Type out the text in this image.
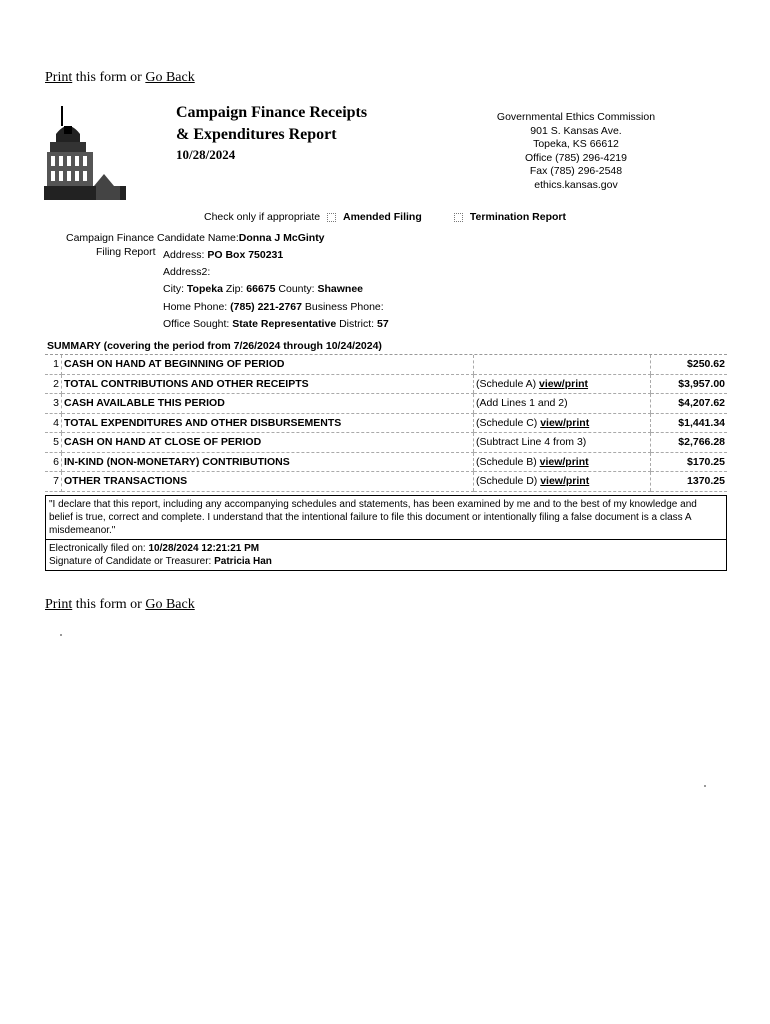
Print this form or Go Back
Campaign Finance Receipts
& Expenditures Report
10/28/2024
Governmental Ethics Commission
901 S. Kansas Ave.
Topeka, KS 66612
Office (785) 296-4219
Fax (785) 296-2548
ethics.kansas.gov
Check only if appropriate Amended Filing	Termination Report
Campaign Finance Candidate Name:Donna J McGinty
Filing Report Address: PO Box 750231
Address2:
City: Topeka Zip: 66675 County: Shawnee
Home Phone: (785) 221-2767 Business Phone:
Office Sought: State Representative District: 57
SUMMARY (covering the period from 7/26/2024 through 10/24/2024)
1	CASH ON HAND AT BEGINNING OF PERIOD		$250.62
2	TOTAL CONTRIBUTIONS AND OTHER RECEIPTS	(Schedule A) view/print	$3,957.00
3	CASH AVAILABLE THIS PERIOD	(Add Lines 1 and 2)	$4,207.62
4	TOTAL EXPENDITURES AND OTHER DISBURSEMENTS	(Schedule C) view/print	$1,441.34
5	CASH ON HAND AT CLOSE OF PERIOD	(Subtract Line 4 from 3)	$2,766.28
6	IN-KIND (NON-MONETARY) CONTRIBUTIONS	(Schedule B) view/print	$170.25
7	OTHER TRANSACTIONS	(Schedule D) view/print	1370.25
"I declare that this report, including any accompanying schedules and statements, has been examined by me and to the best of my knowledge and belief is true, correct and complete. I understand that the intentional failure to file this document or intentionally filing a false document is a class A misdemeanor."
Electronically filed on: 10/28/2024 12:21:21 PM
Signature of Candidate or Treasurer: Patricia Han
Print this form or Go Back
